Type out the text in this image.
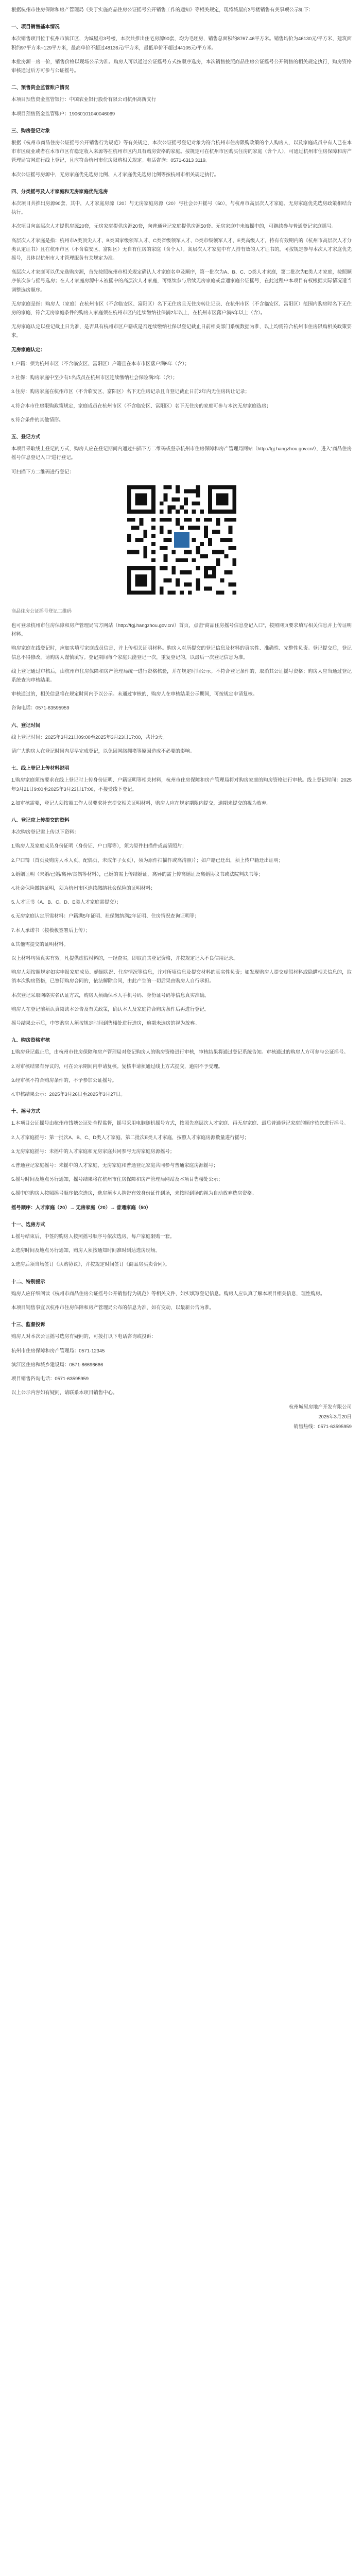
根据杭州市住房保障和房产管理局《关于实施商品住房公证摇号公开销售工作的通知》等相关规定，现将城屋府3号楼销售有关事项公示如下：

一、项目销售基本情况

本次销售项目位于杭州市滨江区，为城屋府3号楼，本次共推出住宅房源90套，均为毛坯房，销售总面积约8767.46平方米。销售均价为46130元/平方米，建筑面积约97平方米~129平方米，最高单价不超过48136元/平方米，最低单价不超过44105元/平方米。

本批房源一房一价，销售价格以现场公示为准。购房人可以通过公证摇号方式按顺序选房，本次销售按照商品住房公证摇号公开销售的相关规定执行，购房资格审核通过后方可参与公证摇号。

二、预售资金监管账户情况

本项目预售资金监管银行：中国农业银行股份有限公司杭州高新支行

本项目预售资金监管账户：19060101040046069

三、购房登记对象

根据《杭州市商品住房公证摇号公开销售行为规范》等有关规定，本次公证摇号登记对象为符合杭州市住房限购政策的个人购房人，以及家庭成员中有人已在本市市区就业或者在本市市区有稳定收入来源等在杭州市区内具有购房资格的家庭。按规定可在杭州市区购买住房的家庭（含个人），可通过杭州市住房保障和房产管理局官网进行线上登记，且应符合杭州市住房限购相关规定。电话咨询：0571-6313 3119。

本次公证摇号房源中，无房家庭优先选房比例、人才家庭优先选房比例等按杭州市相关规定执行。

四、分类摇号及人才家庭和无房家庭优先选房

本次项目共推出房源90套，其中，人才家庭房源（20）与无房家庭房源（20）与社会公开摇号（50），与杭州市高层次人才家庭、无房家庭优先选房政策相结合执行。

本次项目向高层次人才提供房源20套，无房家庭提供房源20套，向普通登记家庭提供房源50套。无房家庭中未被摇中的，可继续参与普通登记家庭摇号。

高层次人才家庭是指：杭州市A类顶尖人才、B类国家级领军人才、C类省级领军人才、D类市级领军人才、E类高级人才，持有有效期内的《杭州市高层次人才分类认定证书》且在杭州市区（不含临安区、富阳区）无自有住房的家庭（含个人）。高层次人才家庭中有人持有效的人才证书的，可按规定参与本次人才家庭优先摇号，具体以杭州市人才管理服务有关规定为准。

高层次人才家庭可以优先选购房源，首先按照杭州市相关规定确认人才家庭名单及顺序，第一批次为A、B、C、D类人才家庭，第二批次为E类人才家庭，按照顺序依次参与摇号选房；在人才家庭房源中未被摇中的高层次人才家庭，可继续参与后续无房家庭或普通家庭公证摇号，在此过程中本项目有权根据实际情况适当调整选房顺序。

无房家庭是指：购房人（家庭）在杭州市区（不含临安区、富阳区）名下无住房且无住房转让记录、在杭州市区（不含临安区、富阳区）范围内购房时名下无住房的家庭，符合无房家庭条件的购房人家庭须在杭州市区内连续缴纳社保满2年以上，在杭州市区落户满5年以上（含）。

无房家庭认定以登记截止日为准，是否具有杭州市区户籍或是否连续缴纳社保以登记截止日前相关部门系统数据为准，以上均需符合杭州市住房限购相关政策要求。

无房家庭认定：

1.户籍：须为杭州市区（不含临安区、富阳区）户籍且在本市市区落户满5年（含）；

2.社保：购房家庭中至少有1名成员在杭州市区连续缴纳社会保险满2年（含）；

3.住房：购房家庭在杭州市区（不含临安区、富阳区）名下无住房记录且自登记截止日前2年内无住房转让记录；

4.符合本市住房限购政策规定，家庭成员在杭州市区（不含临安区、富阳区）名下无住房的家庭可参与本次无房家庭选房；

5.符合条件的其他情形。

五、登记方式

本项目采取线上登记的方式，购房人应在登记期间内通过扫描下方二维码或登录杭州市住房保障和房产管理局网站（http://fgj.hangzhou.gov.cn/），进入“商品住房摇号信息登记入口”进行登记。

可扫描下方二维码进行登记：

商品住房公证摇号登记二维码

也可登录杭州市住房保障和房产管理局官方网站（http://fgj.hangzhou.gov.cn/）首页，点击“商品住房摇号信息登记入口”，按照网页要求填写相关信息并上传证明材料。

购房家庭在线登记时，应如实填写家庭成员信息，并上传相关证明材料。购房人对所提交的登记信息及材料的真实性、准确性、完整性负责。登记提交后，登记信息不得修改，请购房人谨慎填写。登记期间每个家庭只能登记一次，重复登记的，以最后一次登记信息为准。

线上登记通过审核后，由杭州市住房保障和房产管理局统一进行资格核验，并在规定时间公示。不符合登记条件的，取消其公证摇号资格；购房人应当通过登记系统查询审核结果。

审核通过的，相关信息将在规定时间内予以公示。未通过审核的，购房人在审核结果公示期间，可按规定申请复核。

咨询电话：0571-63595959

六、登记时间

线上登记时间：2025年3月21日09:00至2025年3月23日17:00，共计3天。

请广大购房人在登记时间内尽早完成登记，以免因网络拥堵等原因造成不必要的影响。

七、线上登记上传材料说明

1.购房家庭须按要求在线上登记时上传身份证明、户籍证明等相关材料，杭州市住房保障和房产管理局将对购房家庭的购房资格进行审核。线上登记时间：2025年3月21日9:00至2025年3月23日17:00，不接受线下登记。

2.如审核需要，登记人须按照工作人员要求补充提交相关证明材料，购房人应在规定期限内提交，逾期未提交的视为放弃。

八、登记应上传提交的资料

本次购房登记需上传以下资料：

1.购房人及家庭成员身份证明（身份证、户口簿等），须为原件扫描件或高清照片；

2.户口簿（首页及购房人本人页、配偶页、未成年子女页），须为原件扫描件或高清照片；如户籍已迁出，须上传户籍迁出证明；

3.婚姻证明（未婚/已婚/离异/丧偶等材料），已婚的需上传结婚证，离异的需上传离婚证及离婚协议书或法院判决书等；

4.社会保险缴纳证明，须为杭州市区连续缴纳社会保险的证明材料；

5.人才证书（A、B、C、D、E类人才家庭需提交）；

6.无房家庭认定所需材料：户籍满5年证明、社保缴纳满2年证明、住房情况查询证明等；

7.本人承诺书（按模板签署后上传）；

8.其他需提交的证明材料。

以上材料均须真实有效。凡提供虚假材料的，一经查实，即取消其登记资格，并按规定记入不良信用记录。

购房人须按照规定如实申报家庭成员、婚姻状况、住房情况等信息，并对所填信息及提交材料的真实性负责；如发现购房人提交虚假材料或隐瞒相关信息的，取消本次购房资格，已签订购房合同的，依法解除合同，由此产生的一切后果由购房人自行承担。

本次登记采取网络实名认证方式，购房人须确保本人手机号码、身份证号码等信息真实准确。

购房人在登记前须认真阅读本公告及有关政策，确认本人及家庭符合购房条件后再进行登记。

摇号结果公示后，中签购房人须按规定时间到售楼处进行选房，逾期未选房的视为放弃。

九、购房资格审核

1.购房登记截止后，由杭州市住房保障和房产管理局对登记购房人的购房资格进行审核，审核结果将通过登记系统告知。审核通过的购房人方可参与公证摇号。

2.对审核结果有异议的，可在公示期间内申请复核。复核申请须通过线上方式提交，逾期不予受理。

3.经审核不符合购房条件的，不予参加公证摇号。

4.审核结果公示：2025年3月26日至2025年3月27日。

十、摇号方式

1.本项目公证摇号由杭州市钱塘公证处全程监督，摇号采用电脑随机摇号方式，按照先高层次人才家庭、再无房家庭、最后普通登记家庭的顺序依次进行摇号。

2.人才家庭摇号：第一批次A、B、C、D类人才家庭，第二批次E类人才家庭，按照人才家庭房源数量进行摇号；

3.无房家庭摇号：未摇中的人才家庭和无房家庭共同参与无房家庭房源摇号；

4.普通登记家庭摇号：未摇中的人才家庭、无房家庭和普通登记家庭共同参与普通家庭房源摇号；

5.摇号时间及地点另行通知，摇号结果将在杭州市住房保障和房产管理局网站及本项目售楼处公示；

6.摇中的购房人按照摇号顺序依次选房，选房须本人携带有效身份证件到场，未按时到场的视为自动放弃选房资格。

摇号顺序：人才家庭（20）→ 无房家庭（20）→ 普通家庭（50）

十一、选房方式

1.摇号结束后，中签的购房人按照摇号顺序号依次选房，每户家庭限购一套。

2.选房时间及地点另行通知，购房人须按通知时间准时到达选房现场。

3.选房后须当场签订《认购协议》，并按规定时间签订《商品房买卖合同》。

十二、特别提示

购房人应仔细阅读《杭州市商品住房公证摇号公开销售行为规范》等相关文件，如实填写登记信息。购房人应认真了解本项目相关信息，理性购房。

本项目销售事宜以杭州市住房保障和房产管理局公布的信息为准，如有变动，以最新公告为准。

十三、监督投诉

购房人对本次公证摇号选房有疑问的，可拨打以下电话咨询或投诉：

杭州市住房保障和房产管理局：0571-12345

滨江区住房和城乡建设局：0571-86696666

项目销售咨询电话：0571-63595959

以上公示内容如有疑问，请联系本项目销售中心。

杭州城屋房地产开发有限公司

2025年3月20日

销售热线：0571-63595959
